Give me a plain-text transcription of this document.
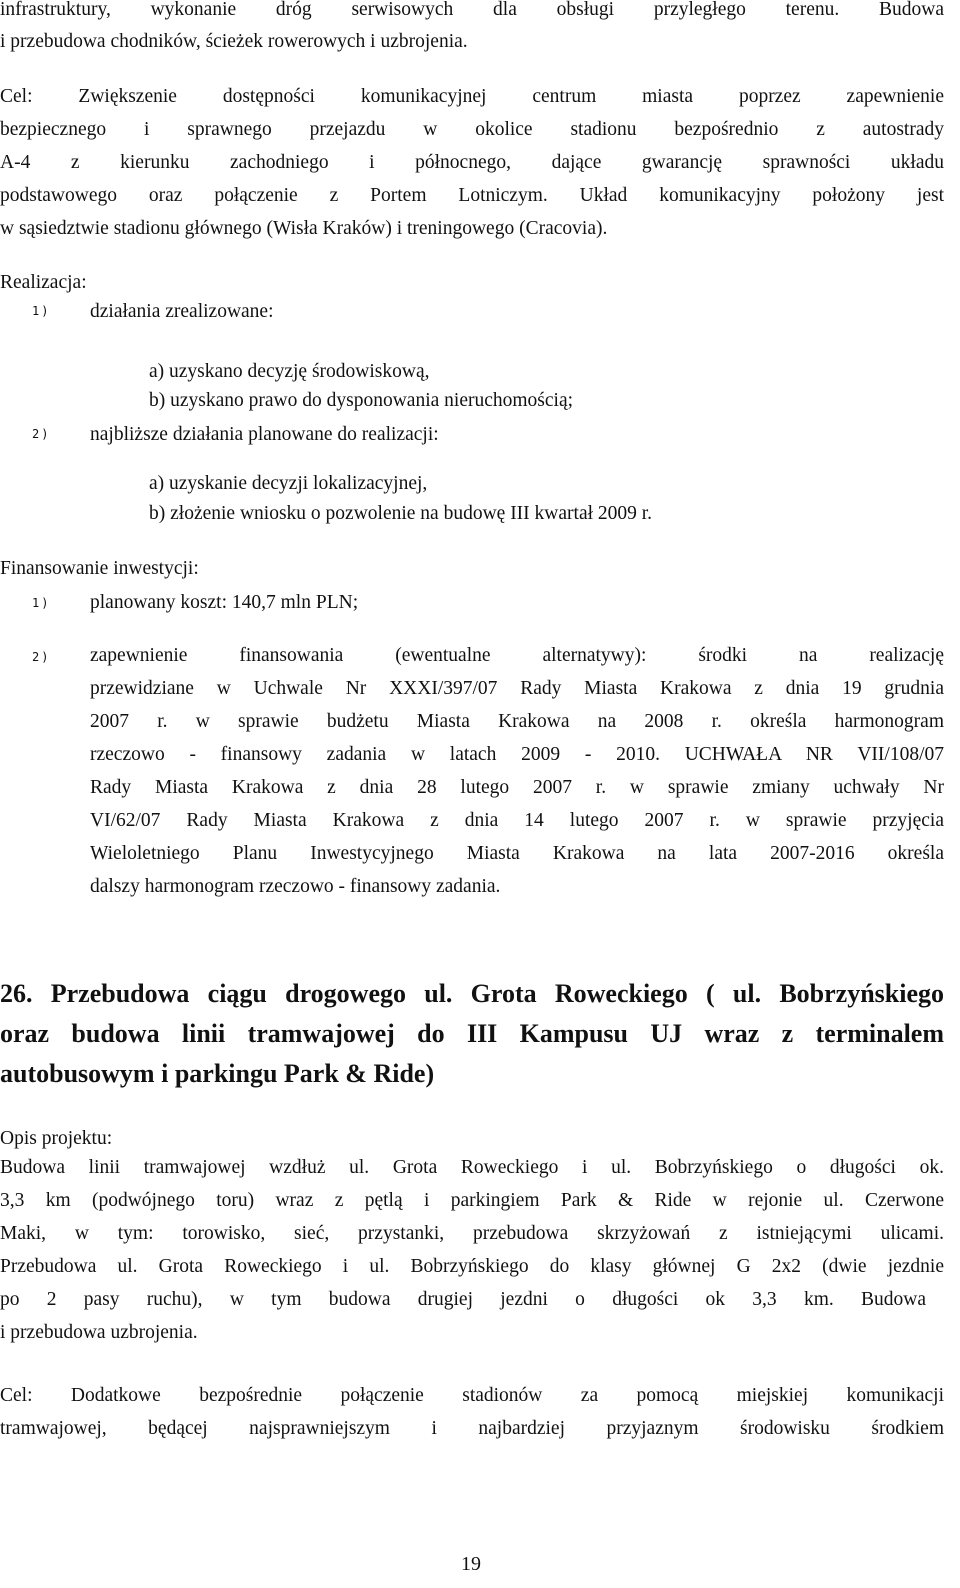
infrastruktury, wykonanie dróg serwisowych dla obsługi przyległego terenu. Budowa
i przebudowa chodników, ścieżek rowerowych i uzbrojenia.
Cel: Zwiększenie dostępności komunikacyjnej centrum miasta poprzez zapewnienie
bezpiecznego i sprawnego przejazdu w okolice stadionu bezpośrednio z autostrady
A-4 z kierunku zachodniego i północnego, dające gwarancję sprawności układu
podstawowego oraz połączenie z Portem Lotniczym. Układ komunikacyjny położony jest
w sąsiedztwie stadionu głównego (Wisła Kraków) i treningowego (Cracovia).
Realizacja:
1) działania zrealizowane:
a) uzyskano decyzję środowiskową,
b) uzyskano prawo do dysponowania nieruchomością;
2) najbliższe działania planowane do realizacji:
a) uzyskanie decyzji lokalizacyjnej,
b) złożenie wniosku o pozwolenie na budowę III kwartał 2009 r.
Finansowanie inwestycji:
1) planowany koszt: 140,7 mln PLN;
2) zapewnienie finansowania (ewentualne alternatywy): środki na realizację
przewidziane w Uchwale Nr XXXI/397/07 Rady Miasta Krakowa z dnia 19 grudnia
2007 r. w sprawie budżetu Miasta Krakowa na 2008 r. określa harmonogram
rzeczowo - finansowy zadania w latach 2009 - 2010. UCHWAŁA NR VII/108/07
Rady Miasta Krakowa z dnia 28 lutego 2007 r. w sprawie zmiany uchwały Nr
VI/62/07 Rady Miasta Krakowa z dnia 14 lutego 2007 r. w sprawie przyjęcia
Wieloletniego Planu Inwestycyjnego Miasta Krakowa na lata 2007-2016 określa
dalszy harmonogram rzeczowo - finansowy zadania.
26. Przebudowa ciągu drogowego ul. Grota Roweckiego ( ul. Bobrzyńskiego
oraz budowa linii tramwajowej do III Kampusu UJ wraz z terminalem
autobusowym i parkingu Park & Ride)
Opis projektu:
Budowa linii tramwajowej wzdłuż ul. Grota Roweckiego i ul. Bobrzyńskiego o długości ok.
3,3 km (podwójnego toru) wraz z pętlą i parkingiem Park & Ride w rejonie ul. Czerwone
Maki, w tym: torowisko, sieć, przystanki, przebudowa skrzyżowań z istniejącymi ulicami.
Przebudowa ul. Grota Roweckiego i ul. Bobrzyńskiego do klasy głównej G 2x2 (dwie jezdnie
po 2 pasy ruchu), w tym budowa drugiej jezdni o długości ok 3,3 km. Budowa
i przebudowa uzbrojenia.
Cel: Dodatkowe bezpośrednie połączenie stadionów za pomocą miejskiej komunikacji
tramwajowej, będącej najsprawniejszym i najbardziej przyjaznym środowisku środkiem
19
